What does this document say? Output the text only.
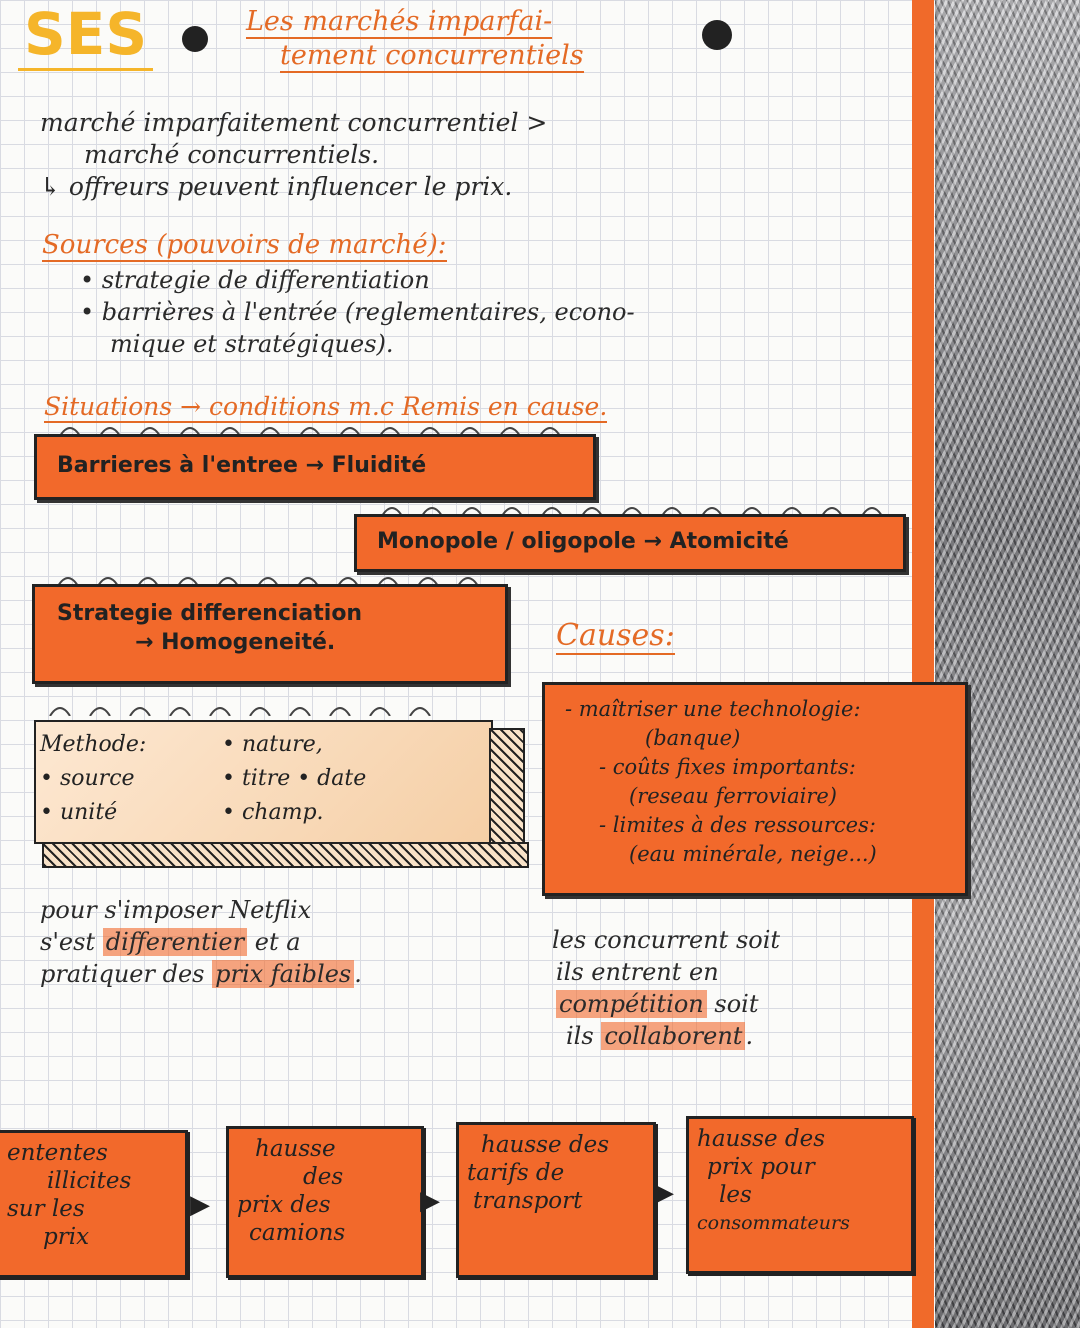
SES	Les marchés imparfai-
tement concurrentiels
marché imparfaitement concurrentiel >
marché concurrentiels.
↳ offreurs peuvent influencer le prix.
Sources (pouvoirs de marché):
• strategie de differentiation
• barrières à l'entrée (reglementaires, econo-
mique et stratégiques).
Situations → conditions m.c Remis en cause.
Barrieres à l'entree → Fluidité
Monopole / oligopole → Atomicité
Strategie differenciation
→ Homogeneité.
Methode:
• source
• unité
• nature,
• titre • date
• champ.
Causes:
- maîtriser une technologie:
(banque)
- coûts fixes importants:
(reseau ferroviaire)
- limites à des ressources:
(eau minérale, neige...)
pour s'imposer Netflix
s'est differentier et a
pratiquer des prix faibles .
les concurrent soit
ils entrent en
compétition soit
ils collaborent .
ententes
illicites
sur les
prix
▶
hausse
des
prix des
camions
▶
hausse des
tarifs de
transport	▶
hausse des
prix pour
les
consommateurs
